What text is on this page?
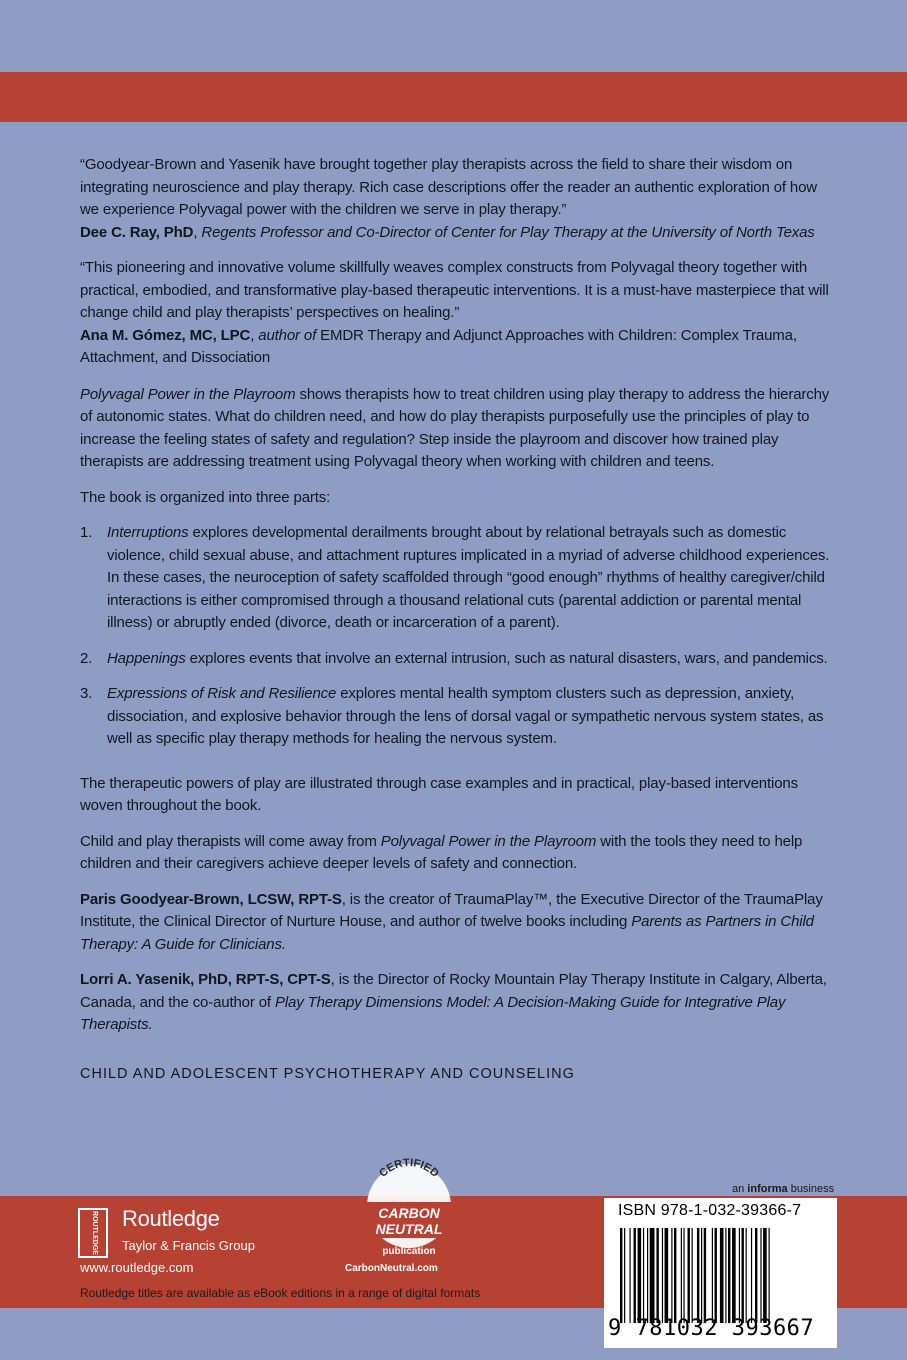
“Goodyear-Brown and Yasenik have brought together play therapists across the field to share their wisdom on integrating neuroscience and play therapy. Rich case descriptions offer the reader an authentic exploration of how we experience Polyvagal power with the children we serve in play therapy.”

Dee C. Ray, PhD, Regents Professor and Co-Director of Center for Play Therapy at the University of North Texas

“This pioneering and innovative volume skillfully weaves complex constructs from Polyvagal theory together with practical, embodied, and transformative play-based therapeutic interventions. It is a must-have masterpiece that will change child and play therapists’ perspectives on healing.”

Ana M. Gómez, MC, LPC, author of EMDR Therapy and Adjunct Approaches with Children: Complex Trauma, Attachment, and Dissociation

Polyvagal Power in the Playroom shows therapists how to treat children using play therapy to address the hierarchy of autonomic states. What do children need, and how do play therapists purposefully use the principles of play to increase the feeling states of safety and regulation? Step inside the playroom and discover how trained play therapists are addressing treatment using Polyvagal theory when working with children and teens.

The book is organized into three parts:

1. Interruptions explores developmental derailments brought about by relational betrayals such as domestic violence, child sexual abuse, and attachment ruptures implicated in a myriad of adverse childhood experiences. In these cases, the neuroception of safety scaffolded through “good enough” rhythms of healthy caregiver/child interactions is either compromised through a thousand relational cuts (parental addiction or parental mental illness) or abruptly ended (divorce, death or incarceration of a parent).
2. Happenings explores events that involve an external intrusion, such as natural disasters, wars, and pandemics.
3. Expressions of Risk and Resilience explores mental health symptom clusters such as depression, anxiety, dissociation, and explosive behavior through the lens of dorsal vagal or sympathetic nervous system states, as well as specific play therapy methods for healing the nervous system.

The therapeutic powers of play are illustrated through case examples and in practical, play-based interventions woven throughout the book.

Child and play therapists will come away from Polyvagal Power in the Playroom with the tools they need to help children and their caregivers achieve deeper levels of safety and connection.

Paris Goodyear-Brown, LCSW, RPT-S, is the creator of TraumaPlay™, the Executive Director of the TraumaPlay Institute, the Clinical Director of Nurture House, and author of twelve books including Parents as Partners in Child Therapy: A Guide for Clinicians.

Lorri A. Yasenik, PhD, RPT-S, CPT-S, is the Director of Rocky Mountain Play Therapy Institute in Calgary, Alberta, Canada, and the co-author of Play Therapy Dimensions Model: A Decision-Making Guide for Integrative Play Therapists.

CHILD AND ADOLESCENT PSYCHOTHERAPY AND COUNSELING

an informa business
ROUTLEDGE Routledge
Taylor & Francis Group
www.routledge.com
Routledge titles are available as eBook editions in a range of digital formats
CERTIFIED
CARBON
NEUTRAL
publication
CarbonNeutral.com
ISBN 978-1-032-39366-7
9 781032 393667
